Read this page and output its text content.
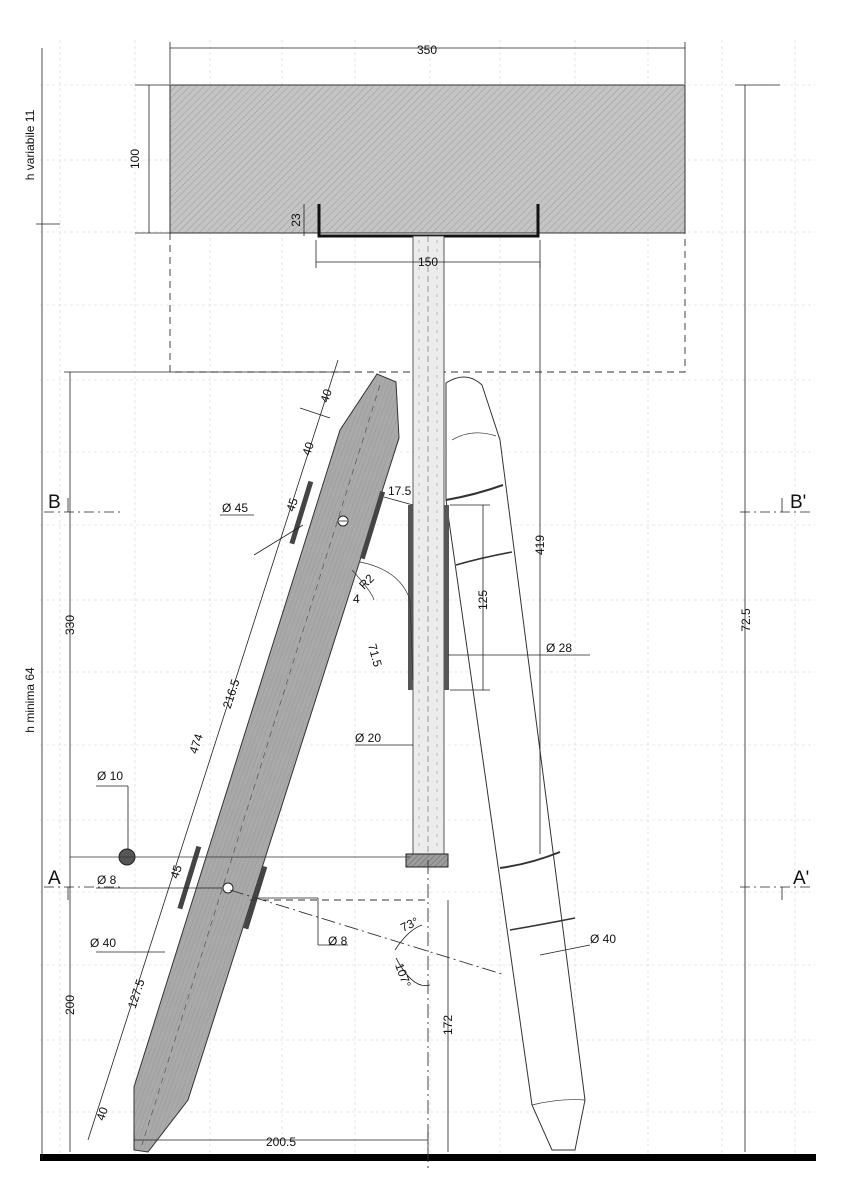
350
100
h variabile 11
h minima 64
23
150
40
40
45
216.5
45
127.5
40
474
Ø 45
17.5
R2
4
71.5
125
Ø 28
Ø 20
419
330	72.5
Ø 10
Ø 8
Ø 8
Ø 40	Ø 40
73°
107°
200
172
200.5
B	B'
A	A'
